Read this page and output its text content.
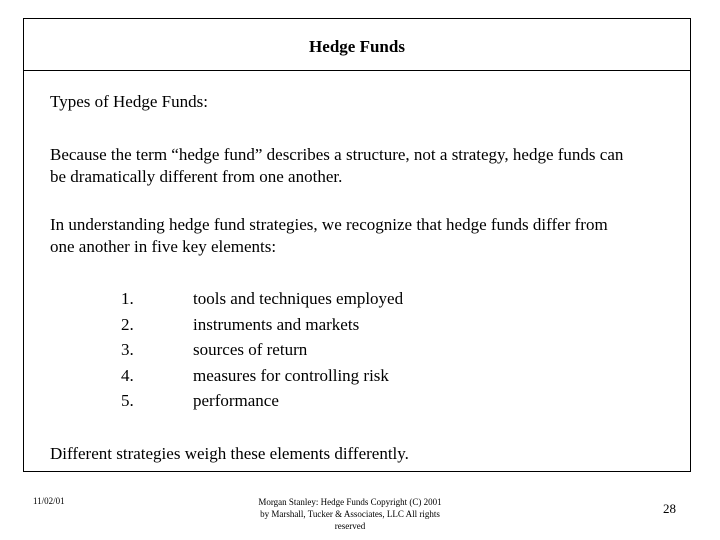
Hedge Funds
Types of Hedge Funds:
Because the term “hedge fund” describes a structure, not a strategy, hedge funds can
be dramatically different from one another.
In understanding hedge fund strategies, we recognize that hedge funds differ from
one another in five key elements:
1.	tools and techniques employed
2.	instruments and markets
3.	sources of return
4.	measures for controlling risk
5.	performance
Different strategies weigh these elements differently.
11/02/01	Morgan Stanley: Hedge Funds Copyright (C) 2001
by Marshall, Tucker & Associates, LLC All rights
reserved
28
